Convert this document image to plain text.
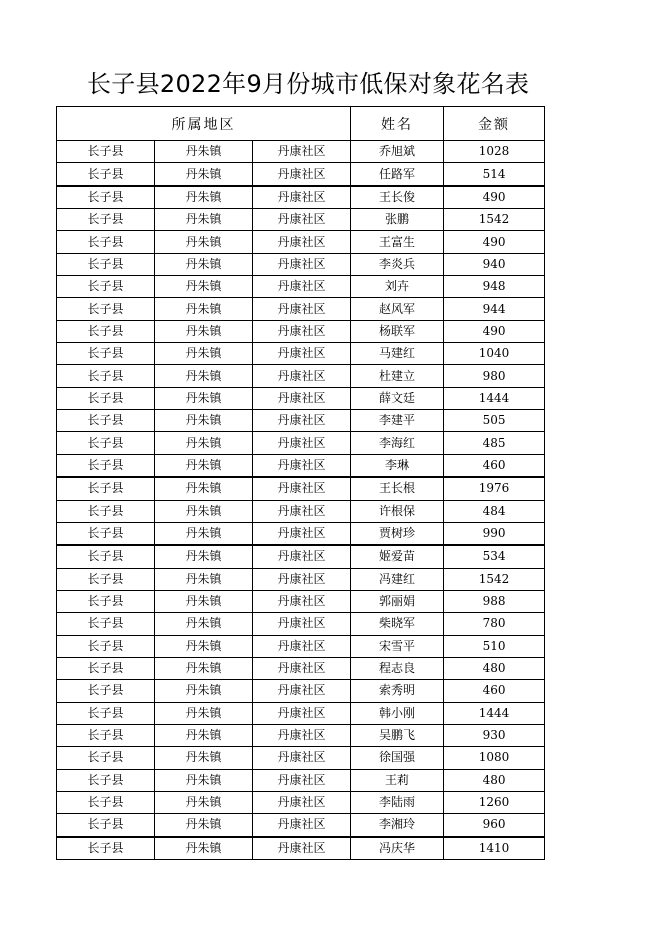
长子县2022年9月份城市低保对象花名表
所属地区			姓名	金额
长子县	丹朱镇	丹康社区	乔旭斌	1028
长子县	丹朱镇	丹康社区	任路军	514
长子县	丹朱镇	丹康社区	王长俊	490
长子县	丹朱镇	丹康社区	张鹏	1542
长子县	丹朱镇	丹康社区	王富生	490
长子县	丹朱镇	丹康社区	李炎兵	940
长子县	丹朱镇	丹康社区	刘卉	948
长子县	丹朱镇	丹康社区	赵风军	944
长子县	丹朱镇	丹康社区	杨联军	490
长子县	丹朱镇	丹康社区	马建红	1040
长子县	丹朱镇	丹康社区	杜建立	980
长子县	丹朱镇	丹康社区	薛文廷	1444
长子县	丹朱镇	丹康社区	李建平	505
长子县	丹朱镇	丹康社区	李海红	485
长子县	丹朱镇	丹康社区	李琳	460
长子县	丹朱镇	丹康社区	王长根	1976
长子县	丹朱镇	丹康社区	许根保	484
长子县	丹朱镇	丹康社区	贾树珍	990
长子县	丹朱镇	丹康社区	姬爱苗	534
长子县	丹朱镇	丹康社区	冯建红	1542
长子县	丹朱镇	丹康社区	郭丽娟	988
长子县	丹朱镇	丹康社区	柴晓军	780
长子县	丹朱镇	丹康社区	宋雪平	510
长子县	丹朱镇	丹康社区	程志良	480
长子县	丹朱镇	丹康社区	索秀明	460
长子县	丹朱镇	丹康社区	韩小刚	1444
长子县	丹朱镇	丹康社区	吴鹏飞	930
长子县	丹朱镇	丹康社区	徐国强	1080
长子县	丹朱镇	丹康社区	王莉	480
长子县	丹朱镇	丹康社区	李陆雨	1260
长子县	丹朱镇	丹康社区	李湘玲	960
长子县	丹朱镇	丹康社区	冯庆华	1410
